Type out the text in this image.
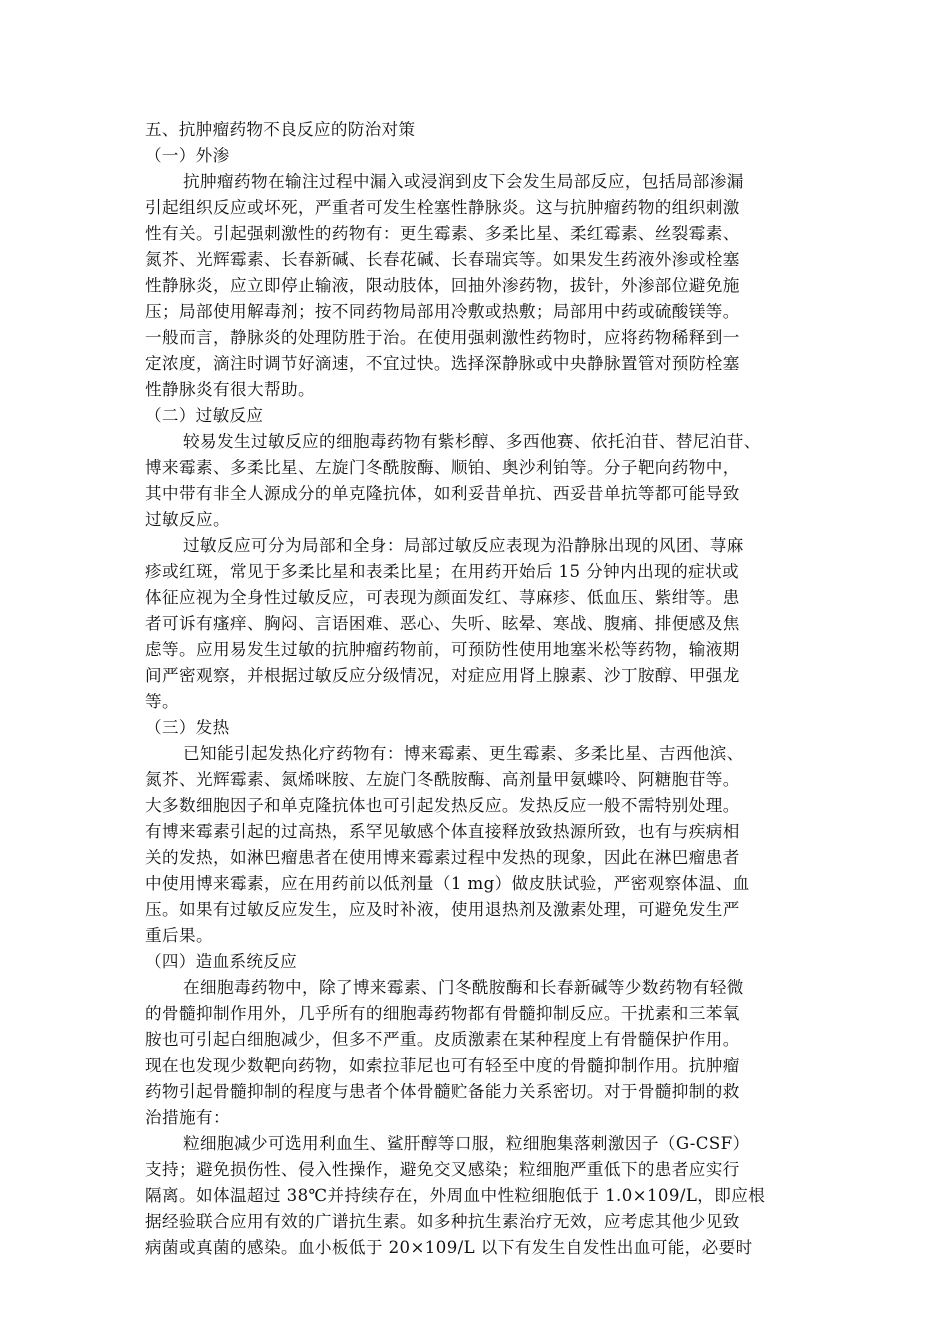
五、抗肿瘤药物不良反应的防治对策
（一）外渗
抗肿瘤药物在输注过程中漏入或浸润到皮下会发生局部反应，包括局部渗漏
引起组织反应或坏死，严重者可发生栓塞性静脉炎。这与抗肿瘤药物的组织刺激
性有关。引起强刺激性的药物有：更生霉素、多柔比星、柔红霉素、丝裂霉素、
氮芥、光辉霉素、长春新碱、长春花碱、长春瑞宾等。如果发生药液外渗或栓塞
性静脉炎，应立即停止输液，限动肢体，回抽外渗药物，拔针，外渗部位避免施
压；局部使用解毒剂；按不同药物局部用冷敷或热敷；局部用中药或硫酸镁等。
一般而言，静脉炎的处理防胜于治。在使用强刺激性药物时，应将药物稀释到一
定浓度，滴注时调节好滴速，不宜过快。选择深静脉或中央静脉置管对预防栓塞
性静脉炎有很大帮助。
（二）过敏反应
较易发生过敏反应的细胞毒药物有紫杉醇、多西他赛、依托泊苷、替尼泊苷、
博来霉素、多柔比星、左旋门冬酰胺酶、顺铂、奥沙利铂等。分子靶向药物中，
其中带有非全人源成分的单克隆抗体，如利妥昔单抗、西妥昔单抗等都可能导致
过敏反应。
过敏反应可分为局部和全身：局部过敏反应表现为沿静脉出现的风团、荨麻
疹或红斑，常见于多柔比星和表柔比星；在用药开始后 15 分钟内出现的症状或
体征应视为全身性过敏反应，可表现为颜面发红、荨麻疹、低血压、紫绀等。患
者可诉有瘙痒、胸闷、言语困难、恶心、失听、眩晕、寒战、腹痛、排便感及焦
虑等。应用易发生过敏的抗肿瘤药物前，可预防性使用地塞米松等药物，输液期
间严密观察，并根据过敏反应分级情况，对症应用肾上腺素、沙丁胺醇、甲强龙
等。
（三）发热
已知能引起发热化疗药物有：博来霉素、更生霉素、多柔比星、吉西他滨、
氮芥、光辉霉素、氮烯咪胺、左旋门冬酰胺酶、高剂量甲氨蝶呤、阿糖胞苷等。
大多数细胞因子和单克隆抗体也可引起发热反应。发热反应一般不需特别处理。
有博来霉素引起的过高热，系罕见敏感个体直接释放致热源所致，也有与疾病相
关的发热，如淋巴瘤患者在使用博来霉素过程中发热的现象，因此在淋巴瘤患者
中使用博来霉素，应在用药前以低剂量（1 mg）做皮肤试验，严密观察体温、血
压。如果有过敏反应发生，应及时补液，使用退热剂及激素处理，可避免发生严
重后果。
（四）造血系统反应
在细胞毒药物中，除了博来霉素、门冬酰胺酶和长春新碱等少数药物有轻微
的骨髓抑制作用外，几乎所有的细胞毒药物都有骨髓抑制反应。干扰素和三苯氧
胺也可引起白细胞减少，但多不严重。皮质激素在某种程度上有骨髓保护作用。
现在也发现少数靶向药物，如索拉菲尼也可有轻至中度的骨髓抑制作用。抗肿瘤
药物引起骨髓抑制的程度与患者个体骨髓贮备能力关系密切。对于骨髓抑制的救
治措施有：
粒细胞减少可选用利血生、鲨肝醇等口服，粒细胞集落刺激因子（G-CSF）
支持；避免损伤性、侵入性操作，避免交叉感染；粒细胞严重低下的患者应实行
隔离。如体温超过 38℃并持续存在，外周血中性粒细胞低于 1.0×109/L，即应根
据经验联合应用有效的广谱抗生素。如多种抗生素治疗无效，应考虑其他少见致
病菌或真菌的感染。血小板低于 20×109/L 以下有发生自发性出血可能，必要时
